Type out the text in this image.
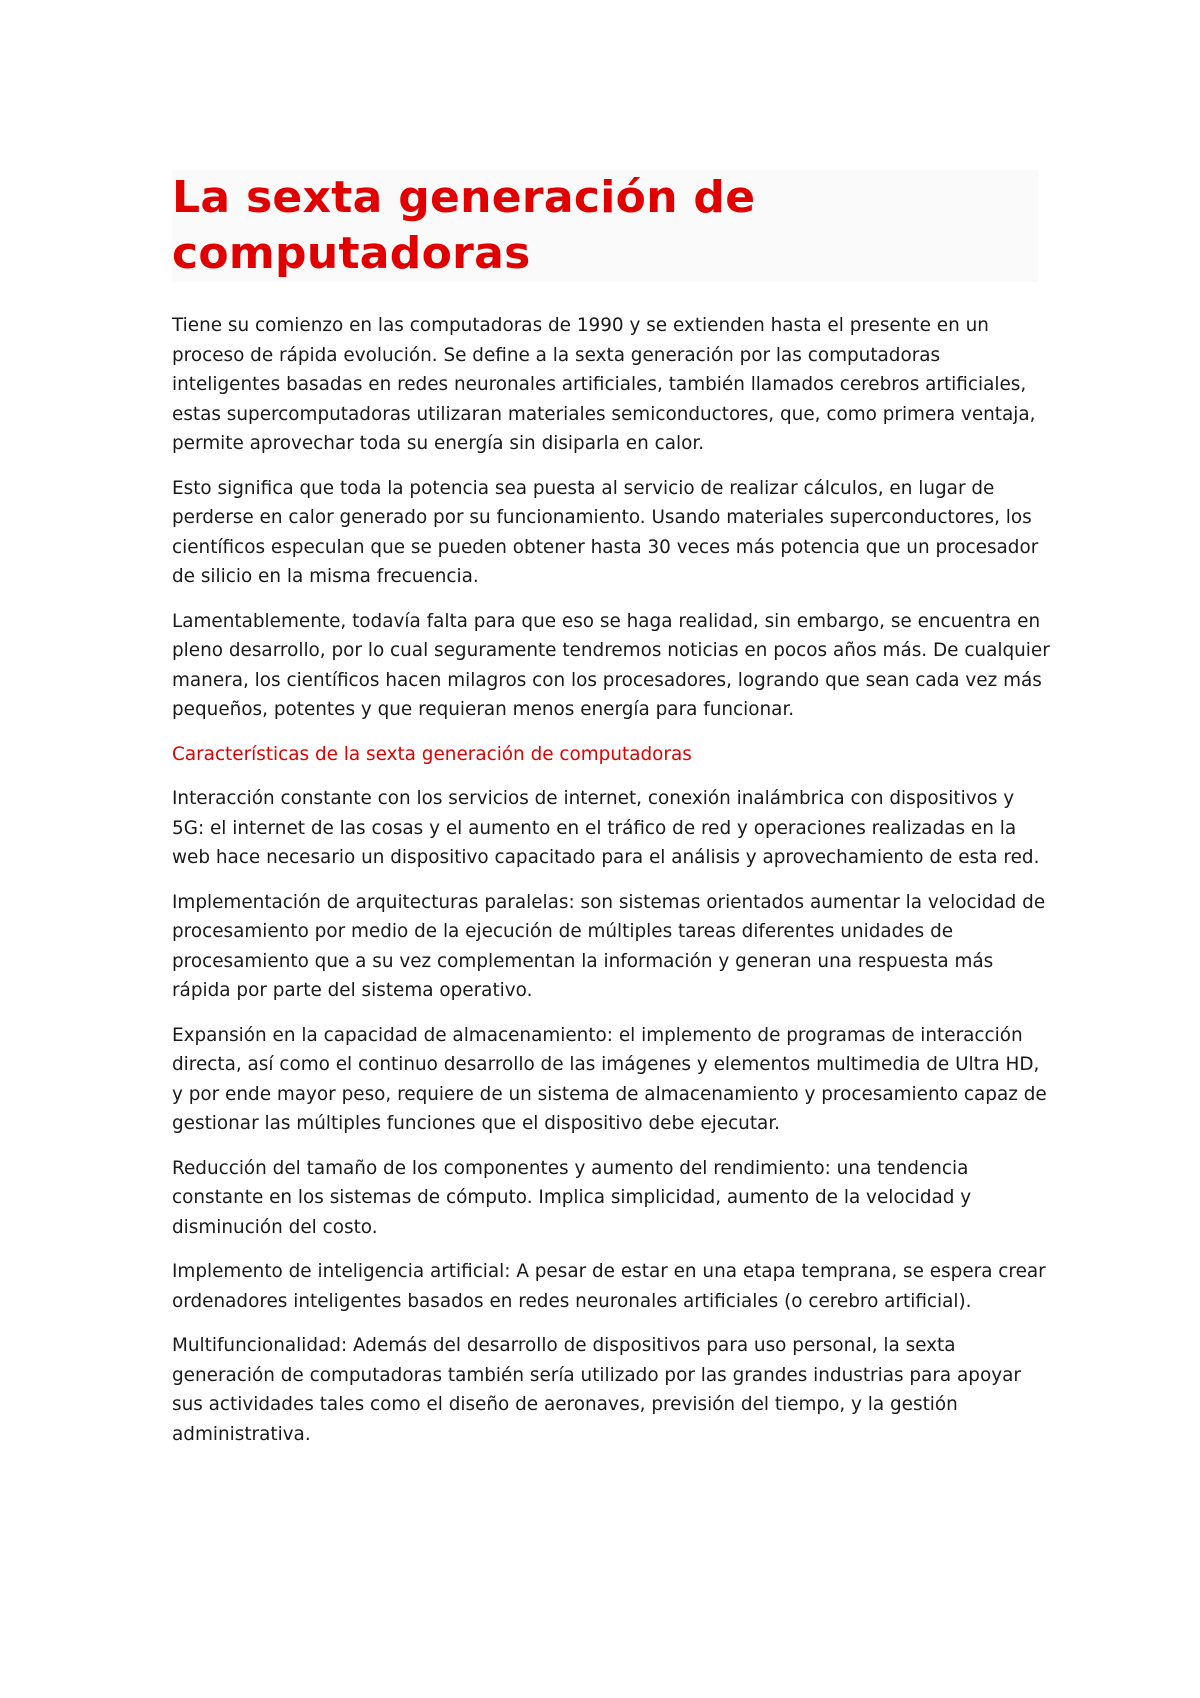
La sexta generación de computadoras

Tiene su comienzo en las computadoras de 1990 y se extienden hasta el presente en un proceso de rápida evolución. Se define a la sexta generación por las computadoras inteligentes basadas en redes neuronales artificiales, también llamados cerebros artificiales, estas supercomputadoras utilizaran materiales semiconductores, que, como primera ventaja, permite aprovechar toda su energía sin disiparla en calor.

Esto significa que toda la potencia sea puesta al servicio de realizar cálculos, en lugar de perderse en calor generado por su funcionamiento. Usando materiales superconductores, los científicos especulan que se pueden obtener hasta 30 veces más potencia que un procesador de silicio en la misma frecuencia.

Lamentablemente, todavía falta para que eso se haga realidad, sin embargo, se encuentra en pleno desarrollo, por lo cual seguramente tendremos noticias en pocos años más. De cualquier manera, los científicos hacen milagros con los procesadores, logrando que sean cada vez más pequeños, potentes y que requieran menos energía para funcionar.

Características de la sexta generación de computadoras

Interacción constante con los servicios de internet, conexión inalámbrica con dispositivos y 5G: el internet de las cosas y el aumento en el tráfico de red y operaciones realizadas en la web hace necesario un dispositivo capacitado para el análisis y aprovechamiento de esta red.

Implementación de arquitecturas paralelas: son sistemas orientados aumentar la velocidad de procesamiento por medio de la ejecución de múltiples tareas diferentes unidades de procesamiento que a su vez complementan la información y generan una respuesta más rápida por parte del sistema operativo.

Expansión en la capacidad de almacenamiento: el implemento de programas de interacción directa, así como el continuo desarrollo de las imágenes y elementos multimedia de Ultra HD, y por ende mayor peso, requiere de un sistema de almacenamiento y procesamiento capaz de gestionar las múltiples funciones que el dispositivo debe ejecutar.

Reducción del tamaño de los componentes y aumento del rendimiento: una tendencia constante en los sistemas de cómputo. Implica simplicidad, aumento de la velocidad y disminución del costo.

Implemento de inteligencia artificial: A pesar de estar en una etapa temprana, se espera crear ordenadores inteligentes basados en redes neuronales artificiales (o cerebro artificial).

Multifuncionalidad: Además del desarrollo de dispositivos para uso personal, la sexta generación de computadoras también sería utilizado por las grandes industrias para apoyar sus actividades tales como el diseño de aeronaves, previsión del tiempo, y la gestión administrativa.
